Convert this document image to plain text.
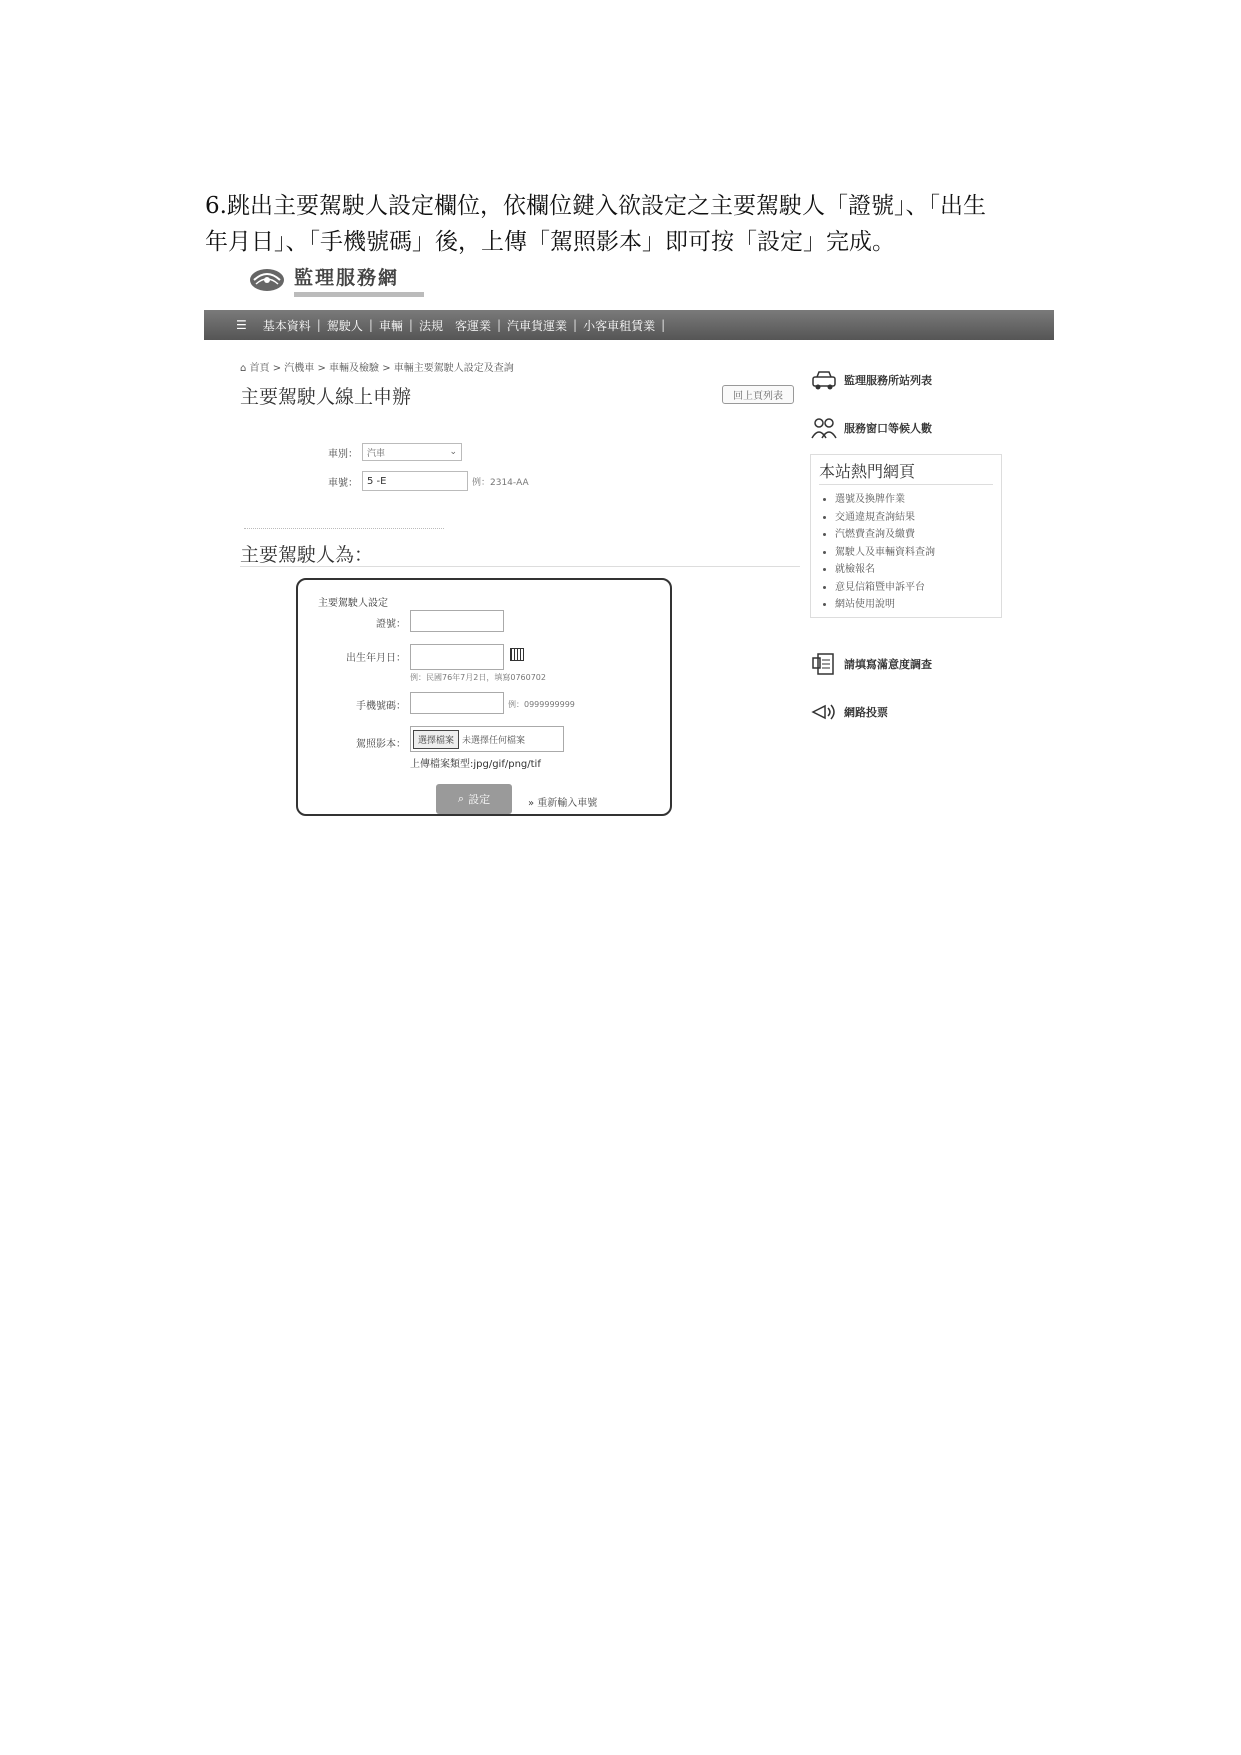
6.跳出主要駕駛人設定欄位，依欄位鍵入欲設定之主要駕駛人「證號」、「出生
年月日」、「手機號碼」後，上傳「駕照影本」即可按「設定」完成。
監理服務網
☰	基本資料 | 駕駛人 | 車輛 | 法規	客運業 | 汽車貨運業 | 小客車租賃業 |
⌂ 首頁 > 汽機車 > 車輛及檢驗 > 車輛主要駕駛人設定及查詢
主要駕駛人線上申辦	回上頁列表
車別： 汽車	⌄
車號： 5 -E	例：2314-AA
主要駕駛人為：
主要駕駛人設定
證號：
出生年月日：
例：民國76年7月2日，填寫0760702
手機號碼：	例：0999999999
駕照影本：	選擇檔案 未選擇任何檔案
上傳檔案類型:jpg/gif/png/tif
⌕ 設定	» 重新輸入車號
監理服務所站列表
服務窗口等候人數
本站熱門網頁
• 選號及換牌作業
• 交通違規查詢結果
• 汽燃費查詢及繳費
• 駕駛人及車輛資料查詢
• 就檢報名
• 意見信箱暨申訴平台
• 網站使用說明
請填寫滿意度調查
網路投票
